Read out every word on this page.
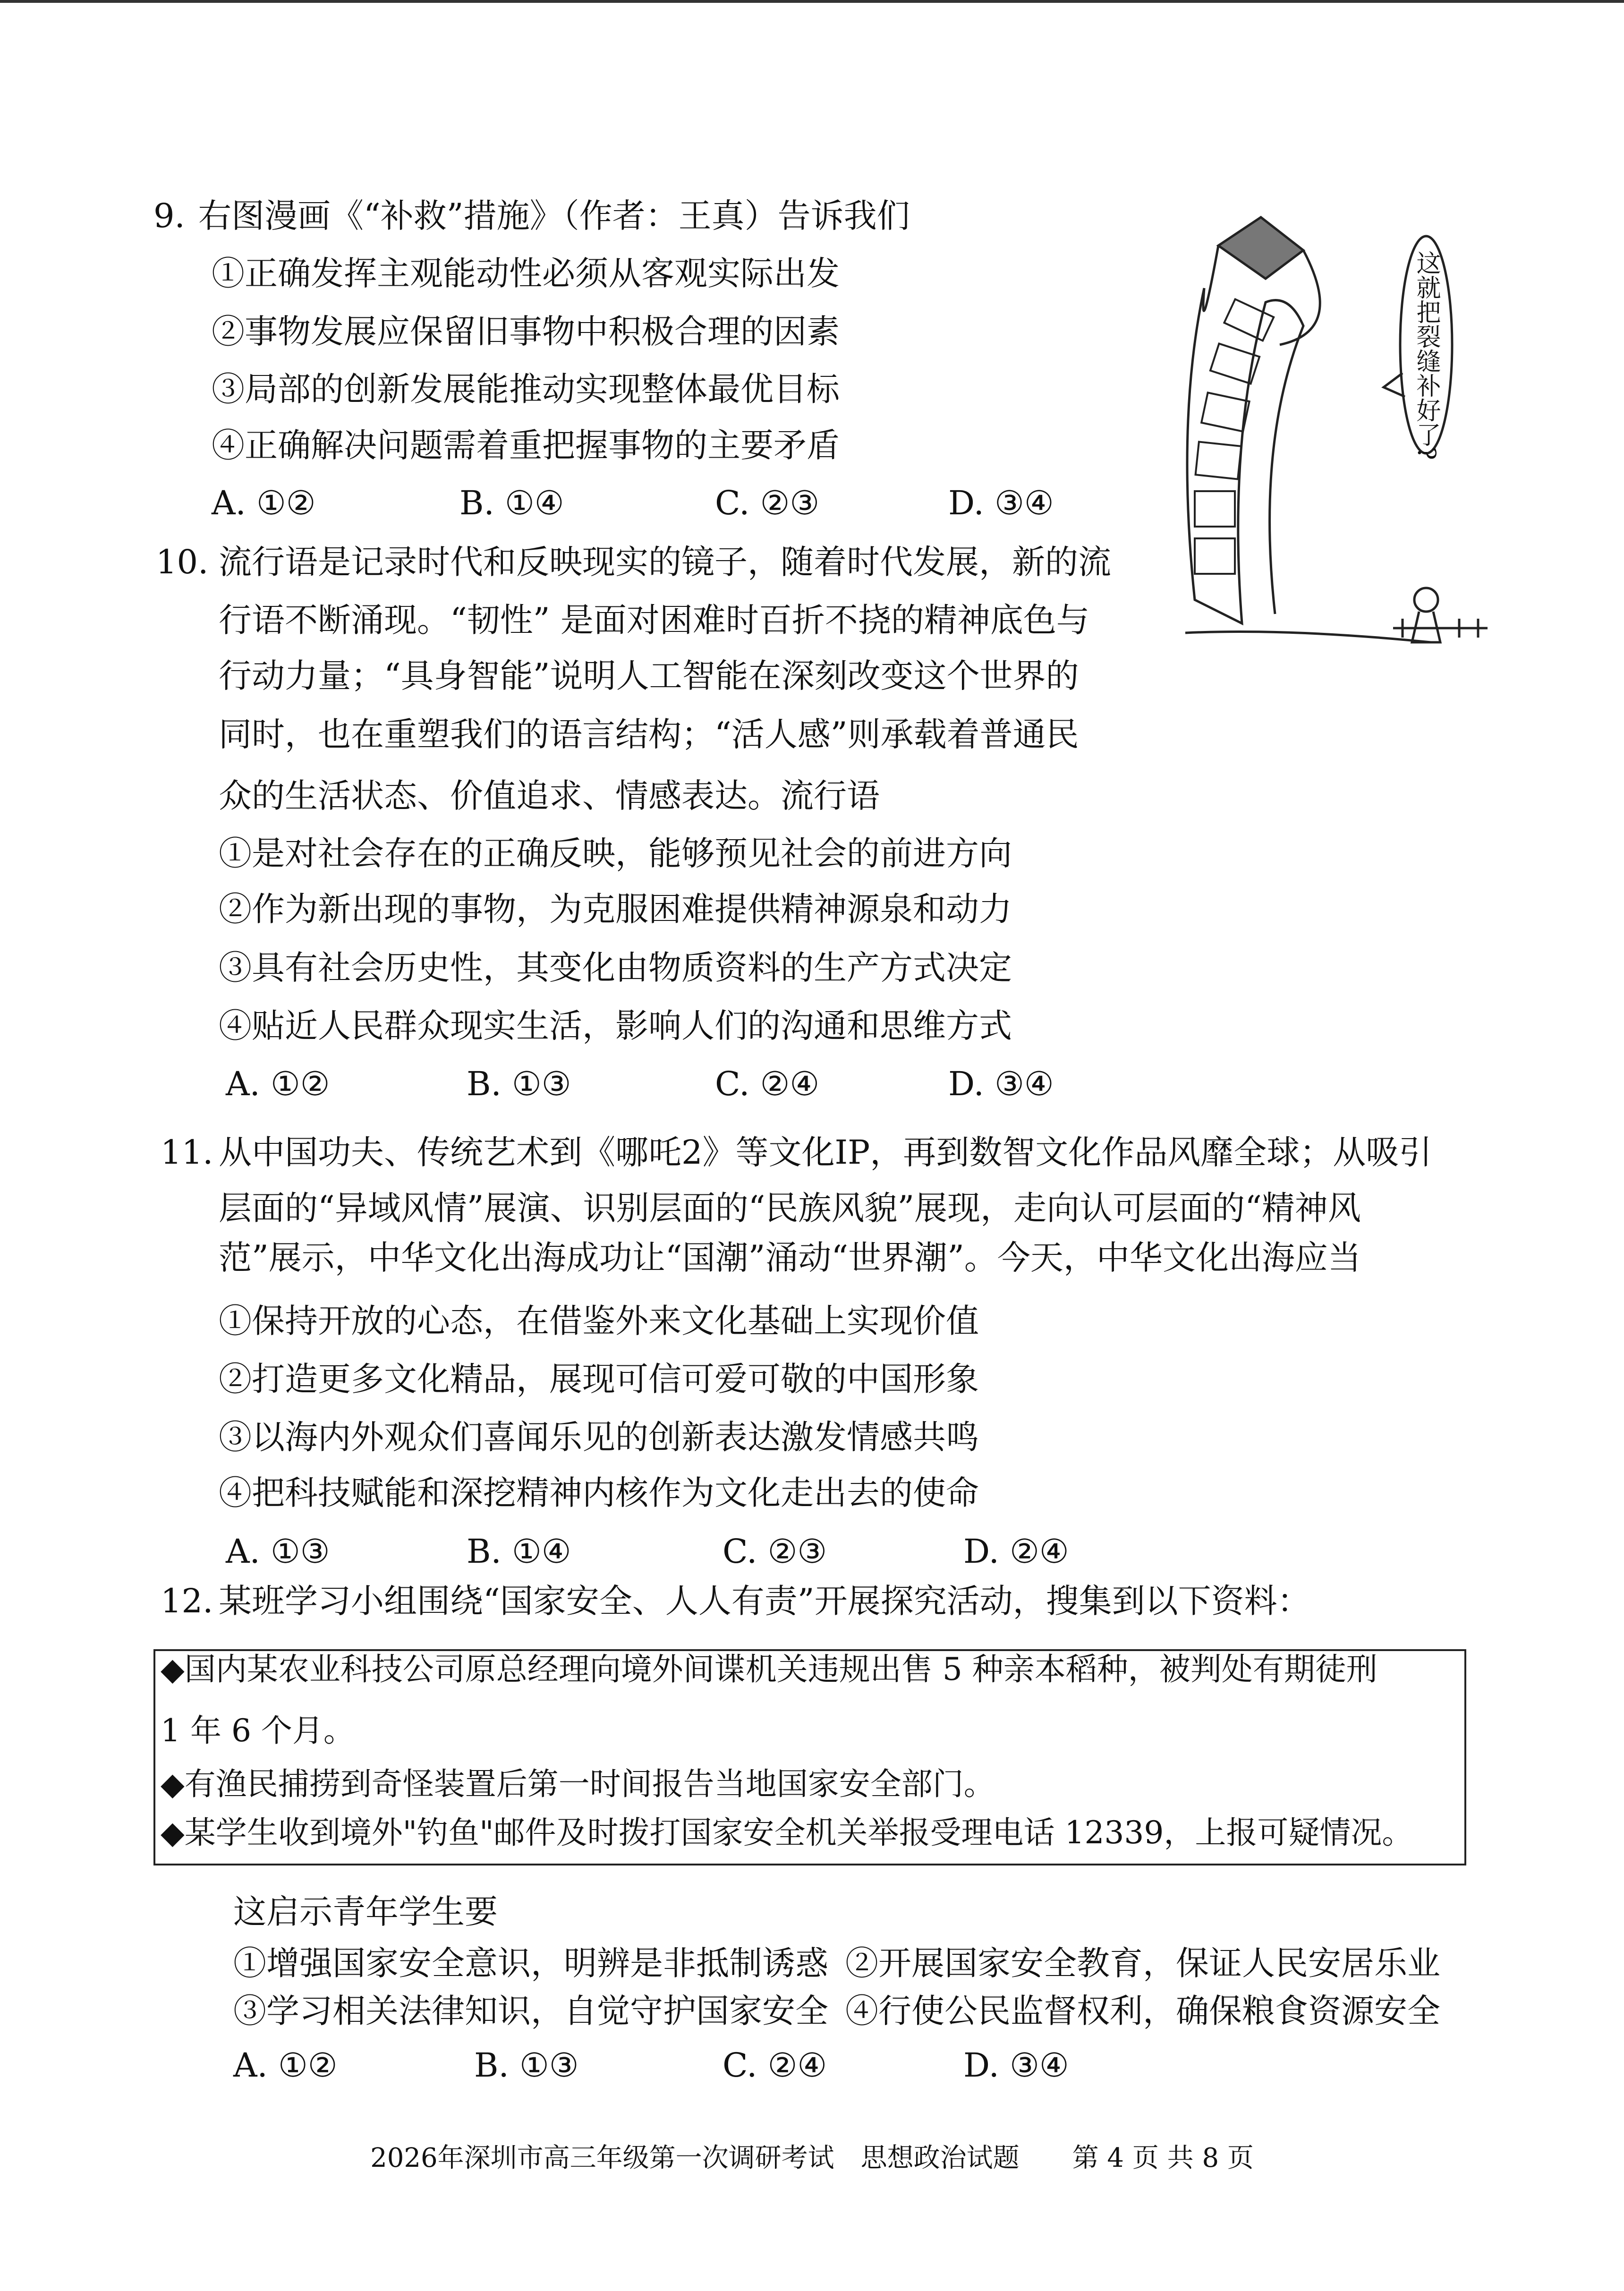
9. 右图漫画《“补救”措施》（作者：王真）告诉我们
①正确发挥主观能动性必须从客观实际出发
②事物发展应保留旧事物中积极合理的因素
③局部的创新发展能推动实现整体最优目标
④正确解决问题需着重把握事物的主要矛盾
A. ①②	B. ①④	C. ②③	D. ③④
这就把裂缝补好了?
10. 流行语是记录时代和反映现实的镜子，随着时代发展，新的流
行语不断涌现。“韧性” 是面对困难时百折不挠的精神底色与
行动力量；“具身智能”说明人工智能在深刻改变这个世界的
同时，也在重塑我们的语言结构；“活人感”则承载着普通民
众的生活状态、价值追求、情感表达。流行语
①是对社会存在的正确反映，能够预见社会的前进方向
②作为新出现的事物，为克服困难提供精神源泉和动力
③具有社会历史性，其变化由物质资料的生产方式决定
④贴近人民群众现实生活，影响人们的沟通和思维方式
A. ①②	B. ①③	C. ②④	D. ③④
11. 从中国功夫、传统艺术到《哪吒2》等文化IP，再到数智文化作品风靡全球；从吸引
层面的“异域风情”展演、识别层面的“民族风貌”展现，走向认可层面的“精神风
范”展示，中华文化出海成功让“国潮”涌动“世界潮”。今天，中华文化出海应当
①保持开放的心态，在借鉴外来文化基础上实现价值
②打造更多文化精品，展现可信可爱可敬的中国形象
③以海内外观众们喜闻乐见的创新表达激发情感共鸣
④把科技赋能和深挖精神内核作为文化走出去的使命
A. ①③	B. ①④	C. ②③	D. ②④
12. 某班学习小组围绕“国家安全、人人有责”开展探究活动，搜集到以下资料：
◆国内某农业科技公司原总经理向境外间谍机关违规出售 5 种亲本稻种，被判处有期徒刑
1 年 6 个月。
◆有渔民捕捞到奇怪装置后第一时间报告当地国家安全部门。
◆某学生收到境外"钓鱼"邮件及时拨打国家安全机关举报受理电话 12339，上报可疑情况。
这启示青年学生要
①增强国家安全意识，明辨是非抵制诱惑 ②开展国家安全教育，保证人民安居乐业
③学习相关法律知识，自觉守护国家安全 ④行使公民监督权利，确保粮食资源安全
A. ①②	B. ①③	C. ②④	D. ③④
2026年深圳市高三年级第一次调研考试　思想政治试题　　第 4 页 共 8 页
